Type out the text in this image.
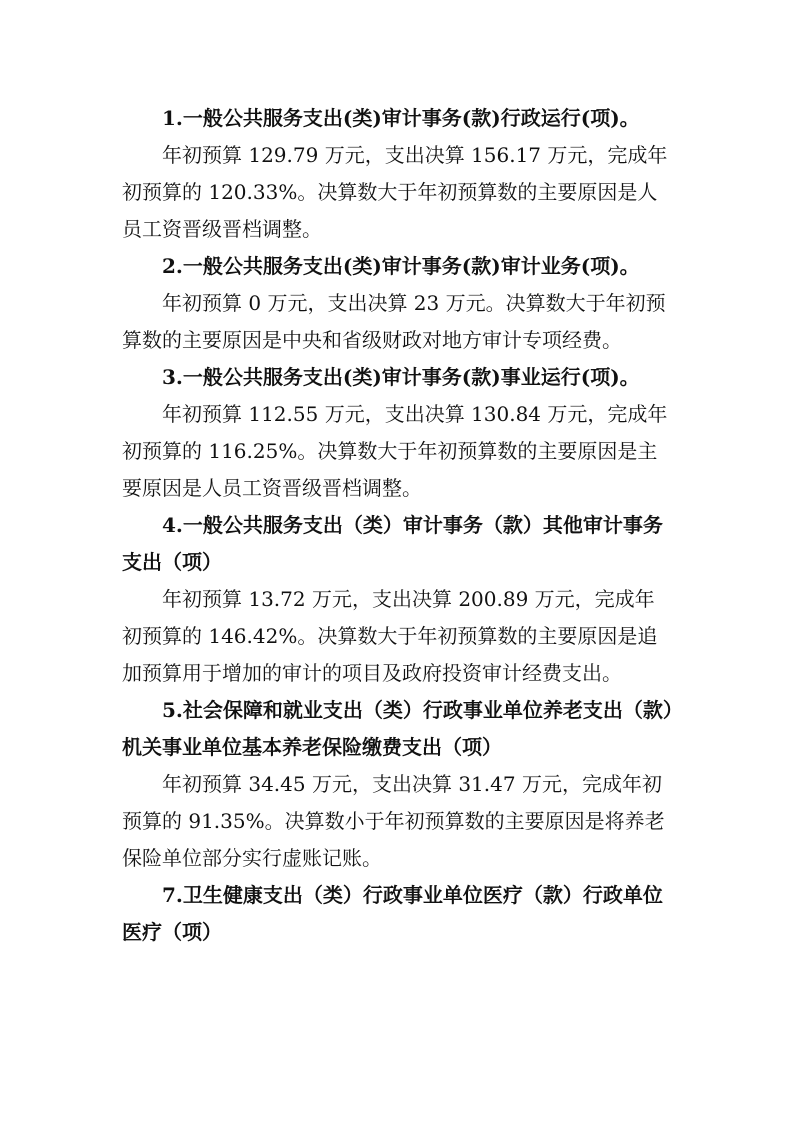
1.一般公共服务支出(类)审计事务(款)行政运行(项)。

年初预算 129.79 万元，支出决算 156.17 万元，完成年初预算的 120.33%。决算数大于年初预算数的主要原因是人员工资晋级晋档调整。

2.一般公共服务支出(类)审计事务(款)审计业务(项)。

年初预算 0 万元，支出决算 23 万元。决算数大于年初预算数的主要原因是中央和省级财政对地方审计专项经费。

3.一般公共服务支出(类)审计事务(款)事业运行(项)。

年初预算 112.55 万元，支出决算 130.84 万元，完成年初预算的 116.25%。决算数大于年初预算数的主要原因是主要原因是人员工资晋级晋档调整。

4.一般公共服务支出（类）审计事务（款）其他审计事务支出（项）

年初预算 13.72 万元，支出决算 200.89 万元，完成年初预算的 146.42%。决算数大于年初预算数的主要原因是追加预算用于增加的审计的项目及政府投资审计经费支出。

5.社会保障和就业支出（类）行政事业单位养老支出（款）机关事业单位基本养老保险缴费支出（项）

年初预算 34.45 万元，支出决算 31.47 万元，完成年初预算的 91.35%。决算数小于年初预算数的主要原因是将养老保险单位部分实行虚账记账。

7.卫生健康支出（类）行政事业单位医疗（款）行政单位医疗（项）
